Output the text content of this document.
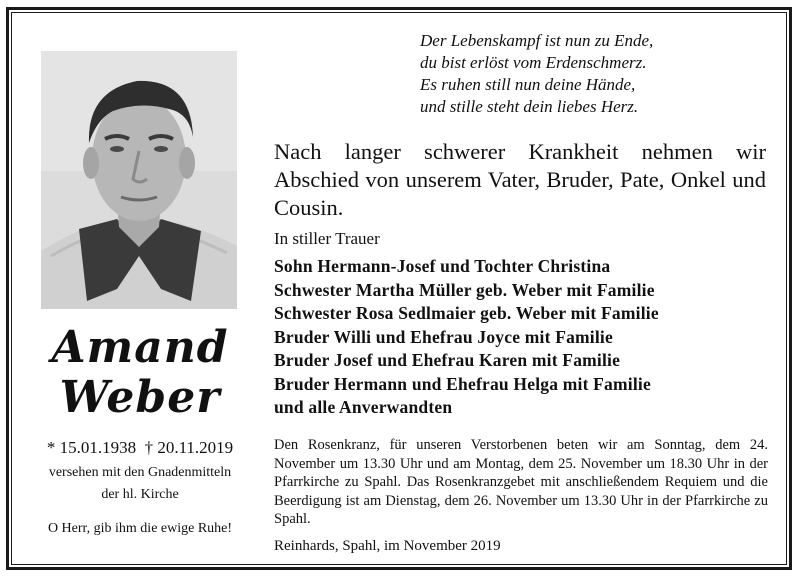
Amand
Weber
* 15.01.1938  † 20.11.2019
versehen mit den Gnadenmitteln
der hl. Kirche
O Herr, gib ihm die ewige Ruhe!
Der Lebenskampf ist nun zu Ende,
du bist erlöst vom Erdenschmerz.
Es ruhen still nun deine Hände,
und stille steht dein liebes Herz.
Nach langer schwerer Krankheit nehmen wir Abschied von unserem Vater, Bruder, Pate, Onkel und Cousin.
In stiller Trauer
Sohn Hermann-Josef und Tochter Christina
Schwester Martha Müller geb. Weber mit Familie
Schwester Rosa Sedlmaier geb. Weber mit Familie
Bruder Willi und Ehefrau Joyce mit Familie
Bruder Josef und Ehefrau Karen mit Familie
Bruder Hermann und Ehefrau Helga mit Familie
und alle Anverwandten
Den Rosenkranz, für unseren Verstorbenen beten wir am Sonntag, dem 24. November um 13.30 Uhr und am Montag, dem 25. November um 18.30 Uhr in der Pfarrkirche zu Spahl. Das Rosenkranzgebet mit anschließendem Requiem und die Beerdigung ist am Dienstag, dem 26. November um 13.30 Uhr in der Pfarrkirche zu Spahl.
Reinhards, Spahl, im November 2019
